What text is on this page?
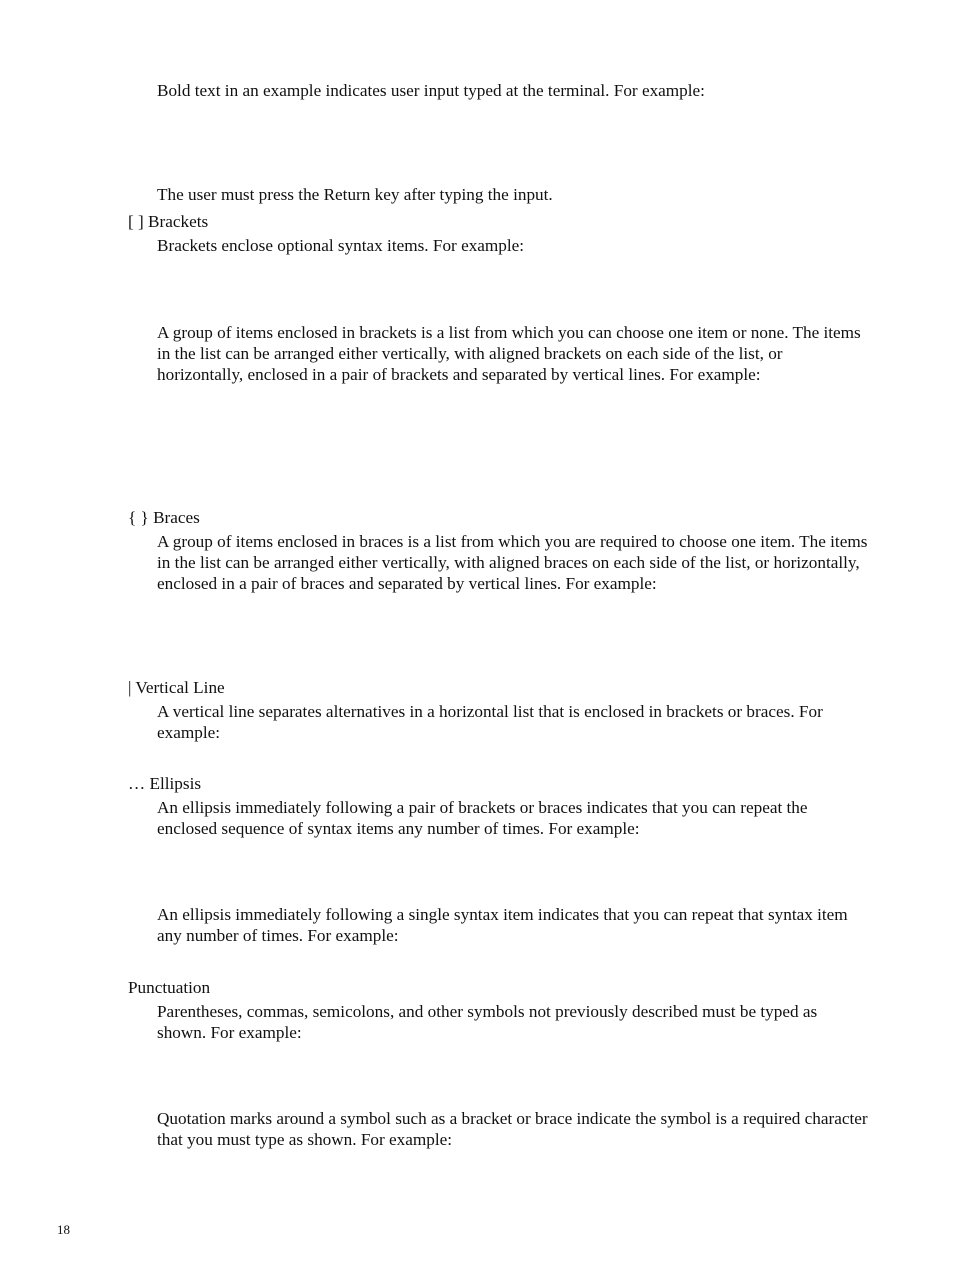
Bold text in an example indicates user input typed at the terminal. For example:

The user must press the Return key after typing the input.

[ ] Brackets

Brackets enclose optional syntax items. For example:

A group of items enclosed in brackets is a list from which you can choose one item or none. The items in the list can be arranged either vertically, with aligned brackets on each side of the list, or horizontally, enclosed in a pair of brackets and separated by vertical lines. For example:

{ } Braces

A group of items enclosed in braces is a list from which you are required to choose one item. The items in the list can be arranged either vertically, with aligned braces on each side of the list, or horizontally, enclosed in a pair of braces and separated by vertical lines. For example:

| Vertical Line

A vertical line separates alternatives in a horizontal list that is enclosed in brackets or braces. For example:

… Ellipsis

An ellipsis immediately following a pair of brackets or braces indicates that you can repeat the enclosed sequence of syntax items any number of times. For example:

An ellipsis immediately following a single syntax item indicates that you can repeat that syntax item any number of times. For example:

Punctuation

Parentheses, commas, semicolons, and other symbols not previously described must be typed as shown. For example:

Quotation marks around a symbol such as a bracket or brace indicate the symbol is a required character that you must type as shown. For example:

18
